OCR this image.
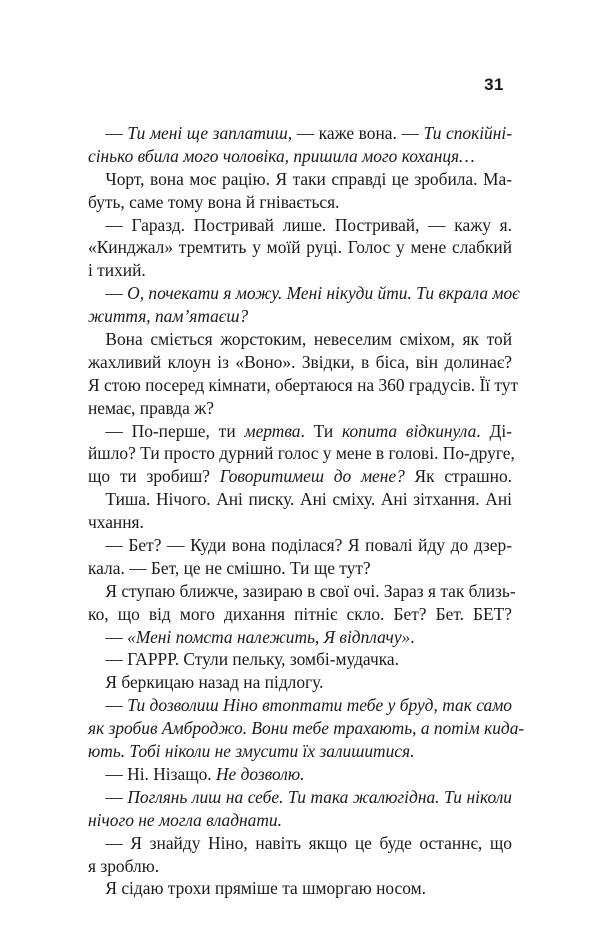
31
— Ти мені ще заплатиш, — каже вона. — Ти спокійні-
сінько вбила мого чоловіка, пришила мого коханця…
Чорт, вона моє рацію. Я таки справді це зробила. Ма-
буть, саме тому вона й гнівається.
— Гаразд. Постривай лише. Постривай, — кажу я.
«Кинджал» тремтить у моїй руці. Голос у мене слабкий
і тихий.
— О, почекати я можу. Мені нікуди йти. Ти вкрала моє
життя, пам’ятаєш?
Вона сміється жорстоким, невеселим сміхом, як той
жахливий клоун із «Воно». Звідки, в біса, він долинає?
Я стою посеред кімнати, обертаюся на 360 градусів. Її тут
немає, правда ж?
— По-перше, ти мертва. Ти копита відкинула. Ді-
йшло? Ти просто дурний голос у мене в голові. По-друге,
що ти зробиш? Говоритимеш до мене? Як страшно.
Тиша. Нічого. Ані писку. Ані сміху. Ані зітхання. Ані
чхання.
— Бет? — Куди вона поділася? Я повалі йду до дзер-
кала. — Бет, це не смішно. Ти ще тут?
Я ступаю ближче, зазираю в свої очі. Зараз я так близь-
ко, що від мого дихання пітніє скло. Бет? Бет. БЕТ?
— «Мені помста належить, Я відплачу».
— ГАРРР. Стули пельку, зомбі-мудачка.
Я беркицаю назад на підлогу.
— Ти дозволиш Ніно втоптати тебе у бруд, так само
як зробив Амброджо. Вони тебе трахають, а потім кида-
ють. Тобі ніколи не змусити їх залишитися.
— Ні. Нізащо. Не дозволю.
— Поглянь лиш на себе. Ти така жалюгідна. Ти ніколи
нічого не могла владнати.
— Я знайду Ніно, навіть якщо це буде останнє, що
я зроблю.
Я сідаю трохи пряміше та шморгаю носом.
